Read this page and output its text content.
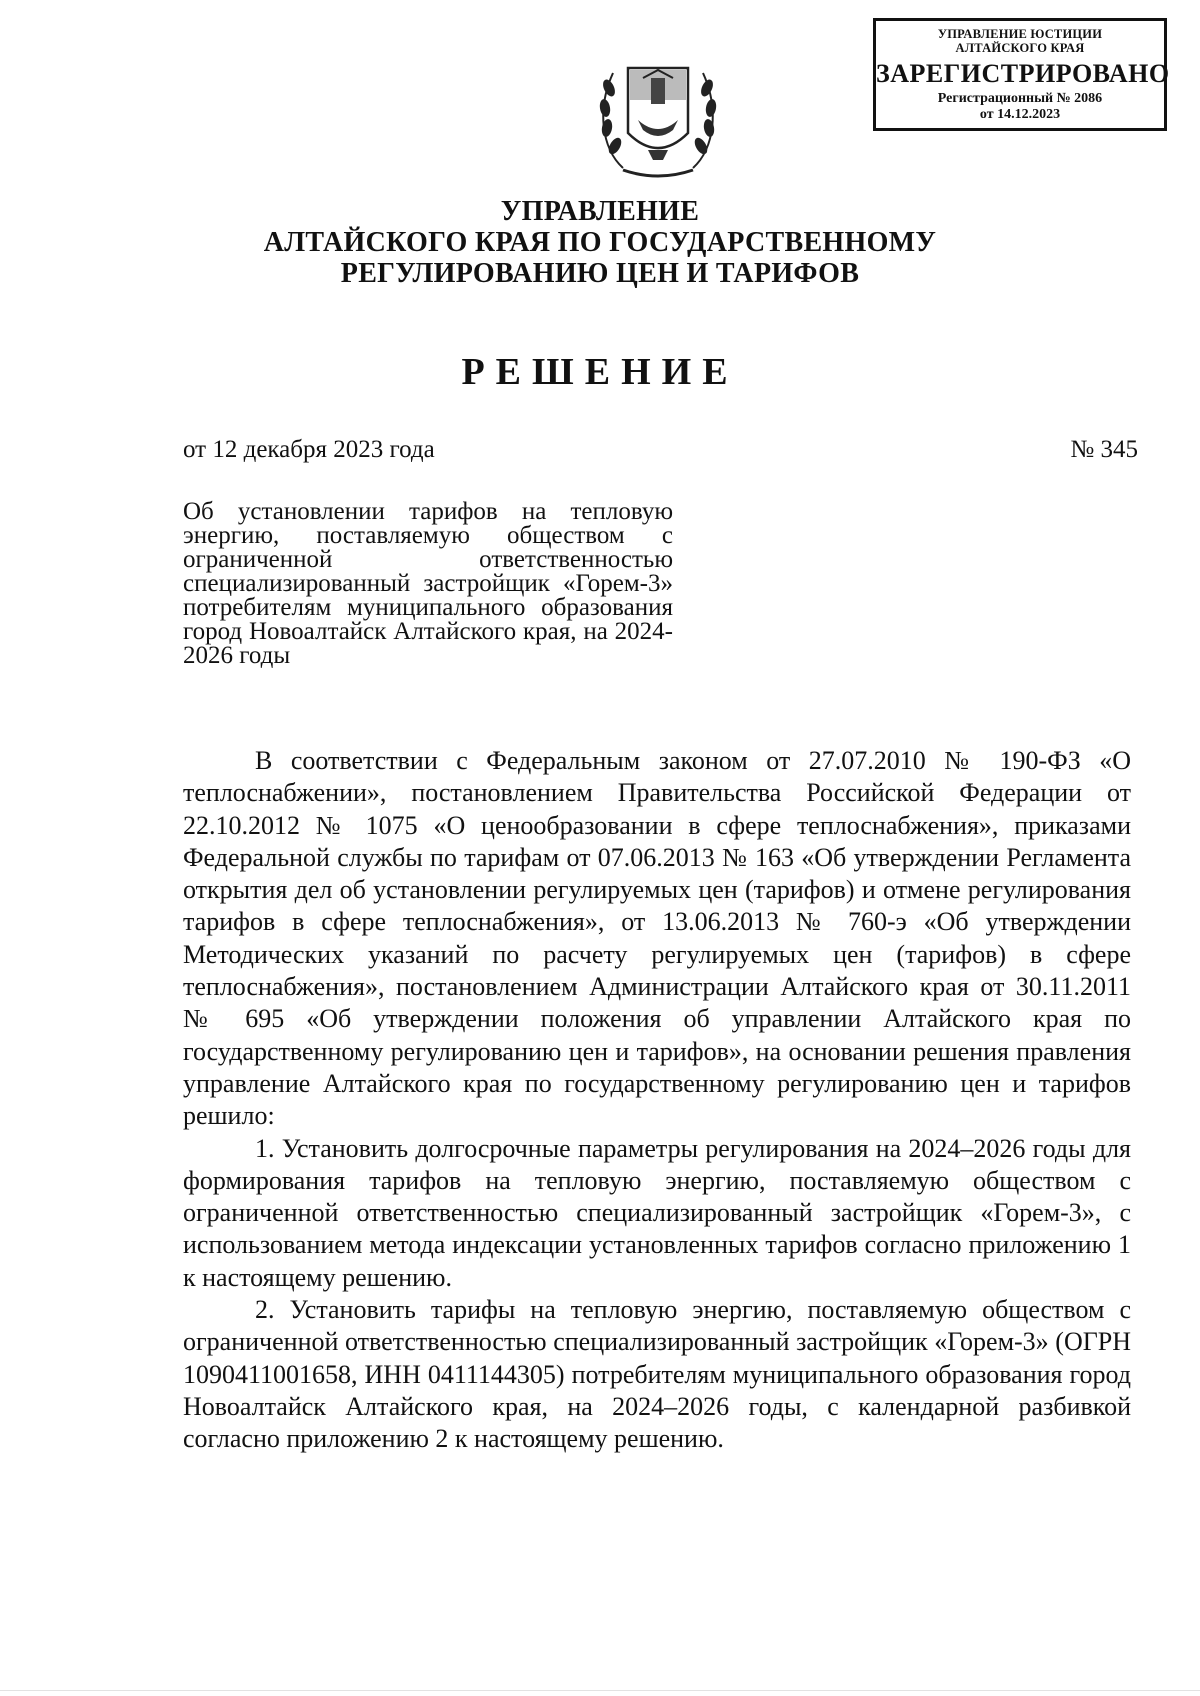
УПРАВЛЕНИЕ ЮСТИЦИИ
АЛТАЙСКОГО КРАЯ
ЗАРЕГИСТРИРОВАНО
Регистрационный № 2086
от 14.12.2023
УПРАВЛЕНИЕ
АЛТАЙСКОГО КРАЯ ПО ГОСУДАРСТВЕННОМУ
РЕГУЛИРОВАНИЮ ЦЕН И ТАРИФОВ
РЕШЕНИЕ
от 12 декабря 2023 года	№ 345
Об установлении тарифов на тепловую энергию, поставляемую обществом с ограниченной ответственностью специализированный застройщик «Горем-3» потребителям муниципального образования город Новоалтайск Алтайского края, на 2024-2026 годы

В соответствии с Федеральным законом от 27.07.2010 № 190-ФЗ «О теплоснабжении», постановлением Правительства Российской Федерации от 22.10.2012 № 1075 «О ценообразовании в сфере теплоснабжения», приказами Федеральной службы по тарифам от 07.06.2013 № 163 «Об утверждении Регламента открытия дел об установлении регулируемых цен (тарифов) и отмене регулирования тарифов в сфере теплоснабжения», от 13.06.2013 № 760-э «Об утверждении Методических указаний по расчету регулируемых цен (тарифов) в сфере теплоснабжения», постановлением Администрации Алтайского края от 30.11.2011 № 695 «Об утверждении положения об управлении Алтайского края по государственному регулированию цен и тарифов», на основании решения правления управление Алтайского края по государственному регулированию цен и тарифов решило:

1. Установить долгосрочные параметры регулирования на 2024–2026 годы для формирования тарифов на тепловую энергию, поставляемую обществом с ограниченной ответственностью специализированный застройщик «Горем-3», с использованием метода индексации установленных тарифов согласно приложению 1 к настоящему решению.

2. Установить тарифы на тепловую энергию, поставляемую обществом с ограниченной ответственностью специализированный застройщик «Горем-3» (ОГРН 1090411001658, ИНН 0411144305) потребителям муниципального образования город Новоалтайск Алтайского края, на 2024–2026 годы, с календарной разбивкой согласно приложению 2 к настоящему решению.
